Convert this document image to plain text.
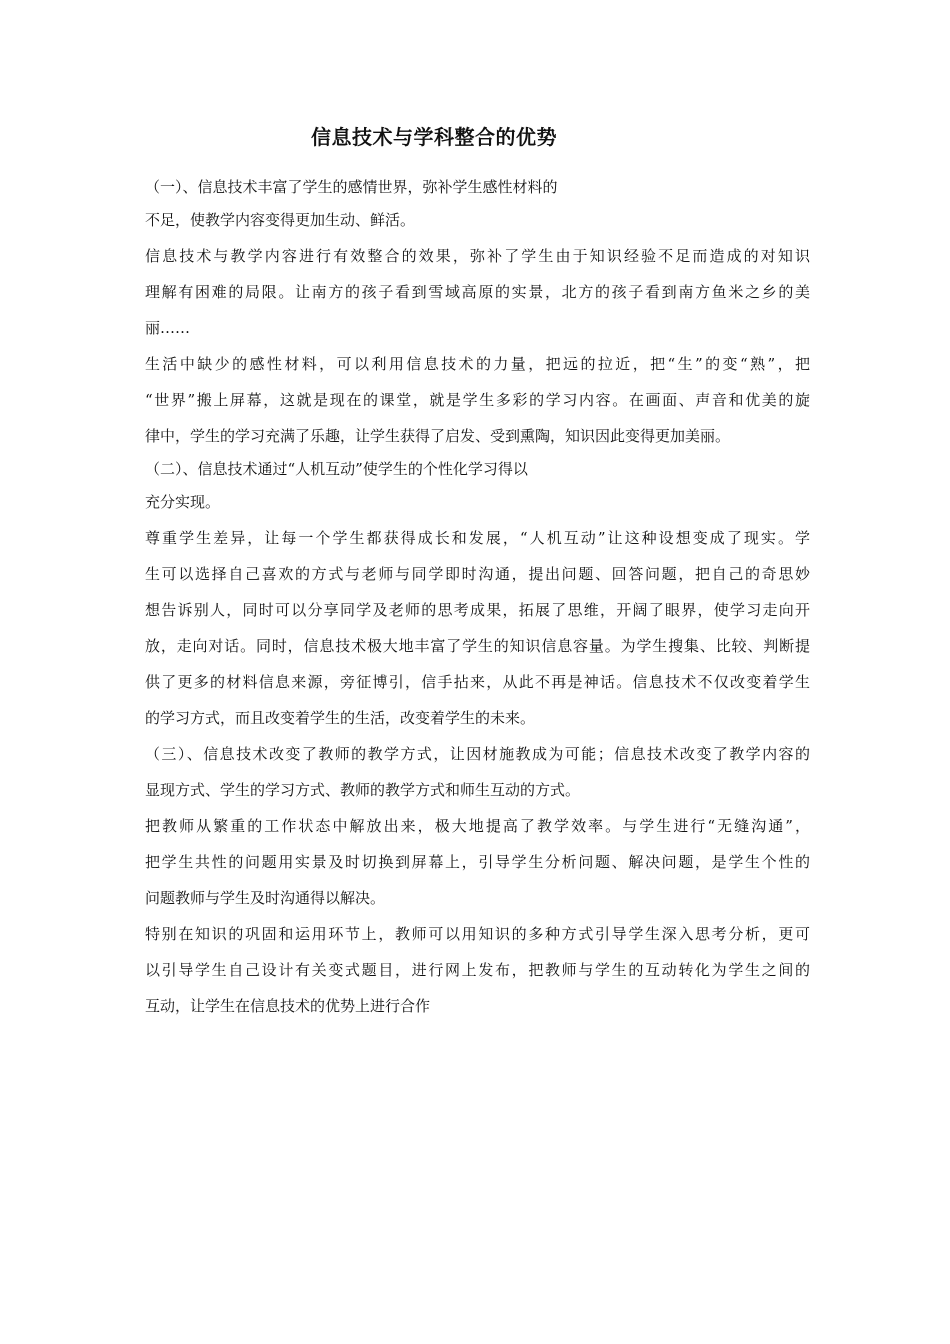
信息技术与学科整合的优势
（一）、信息技术丰富了学生的感情世界，弥补学生感性材料的
不足，使教学内容变得更加生动、鲜活。
信息技术与教学内容进行有效整合的效果，弥补了学生由于知识经验不足而造成的对知识
理解有困难的局限。让南方的孩子看到雪域高原的实景，北方的孩子看到南方鱼米之乡的美
丽……
生活中缺少的感性材料，可以利用信息技术的力量，把远的拉近，把“生”的变“熟”，把
“世界”搬上屏幕，这就是现在的课堂，就是学生多彩的学习内容。在画面、声音和优美的旋
律中，学生的学习充满了乐趣，让学生获得了启发、受到熏陶，知识因此变得更加美丽。
（二）、信息技术通过“人机互动”使学生的个性化学习得以
充分实现。
尊重学生差异，让每一个学生都获得成长和发展，“人机互动”让这种设想变成了现实。学
生可以选择自己喜欢的方式与老师与同学即时沟通，提出问题、回答问题，把自己的奇思妙
想告诉别人，同时可以分享同学及老师的思考成果，拓展了思维，开阔了眼界，使学习走向开
放，走向对话。同时，信息技术极大地丰富了学生的知识信息容量。为学生搜集、比较、判断提
供了更多的材料信息来源，旁征博引，信手拈来，从此不再是神话。信息技术不仅改变着学生
的学习方式，而且改变着学生的生活，改变着学生的未来。
（三）、信息技术改变了教师的教学方式，让因材施教成为可能；信息技术改变了教学内容的
显现方式、学生的学习方式、教师的教学方式和师生互动的方式。
把教师从繁重的工作状态中解放出来，极大地提高了教学效率。与学生进行“无缝沟通”，
把学生共性的问题用实景及时切换到屏幕上，引导学生分析问题、解决问题，是学生个性的
问题教师与学生及时沟通得以解决。
特别在知识的巩固和运用环节上，教师可以用知识的多种方式引导学生深入思考分析，更可
以引导学生自己设计有关变式题目，进行网上发布，把教师与学生的互动转化为学生之间的
互动，让学生在信息技术的优势上进行合作
